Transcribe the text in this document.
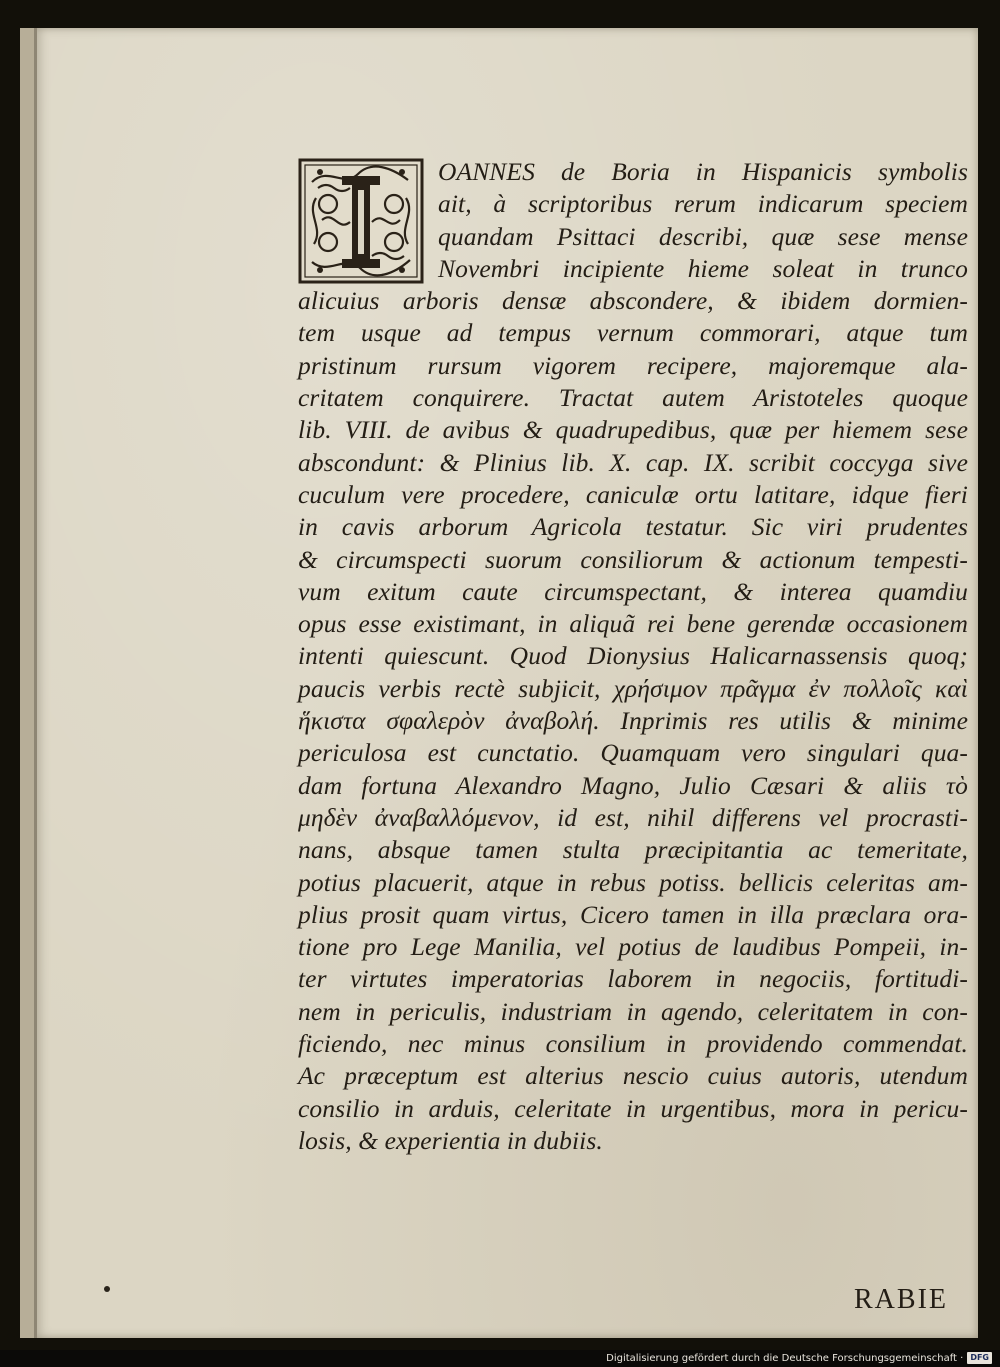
OANNES de Boria in Hispanicis symbolis
ait, à scriptoribus rerum indicarum speciem
quandam Psittaci describi, quæ sese mense
Novembri incipiente hieme soleat in trunco
alicuius arboris densæ abscondere, & ibidem dormien-
tem usque ad tempus vernum commorari, atque tum
pristinum rursum vigorem recipere, majoremque ala-
critatem conquirere. Tractat autem Aristoteles quoque
lib. VIII. de avibus & quadrupedibus, quæ per hiemem sese
abscondunt: & Plinius lib. X. cap. IX. scribit coccyga sive
cuculum vere procedere, caniculæ ortu latitare, idque fieri
in cavis arborum Agricola testatur. Sic viri prudentes
& circumspecti suorum consiliorum & actionum tempesti-
vum exitum caute circumspectant, & interea quamdiu
opus esse existimant, in aliquã rei bene gerendæ occasionem
intenti quiescunt. Quod Dionysius Halicarnassensis quoq;
paucis verbis rectè subjicit, χρήσιμον πρᾶγμα ἐν πολλοῖς καὶ
ἥκιστα σφαλερὸν ἀναβολή. Inprimis res utilis & minime
periculosa est cunctatio. Quamquam vero singulari qua-
dam fortuna Alexandro Magno, Julio Cæsari & aliis τὸ
μηδὲν ἀναβαλλόμενον, id est, nihil differens vel procrasti-
nans, absque tamen stulta præcipitantia ac temeritate,
potius placuerit, atque in rebus potiss. bellicis celeritas am-
plius prosit quam virtus, Cicero tamen in illa præclara ora-
tione pro Lege Manilia, vel potius de laudibus Pompeii, in-
ter virtutes imperatorias laborem in negociis, fortitudi-
nem in periculis, industriam in agendo, celeritatem in con-
ficiendo, nec minus consilium in providendo commendat.
Ac præceptum est alterius nescio cuius autoris, utendum
consilio in arduis, celeritate in urgentibus, mora in pericu-
losis, & experientia in dubiis.
RABIE
Digitalisierung gefördert durch die Deutsche Forschungsgemeinschaft · DFG
